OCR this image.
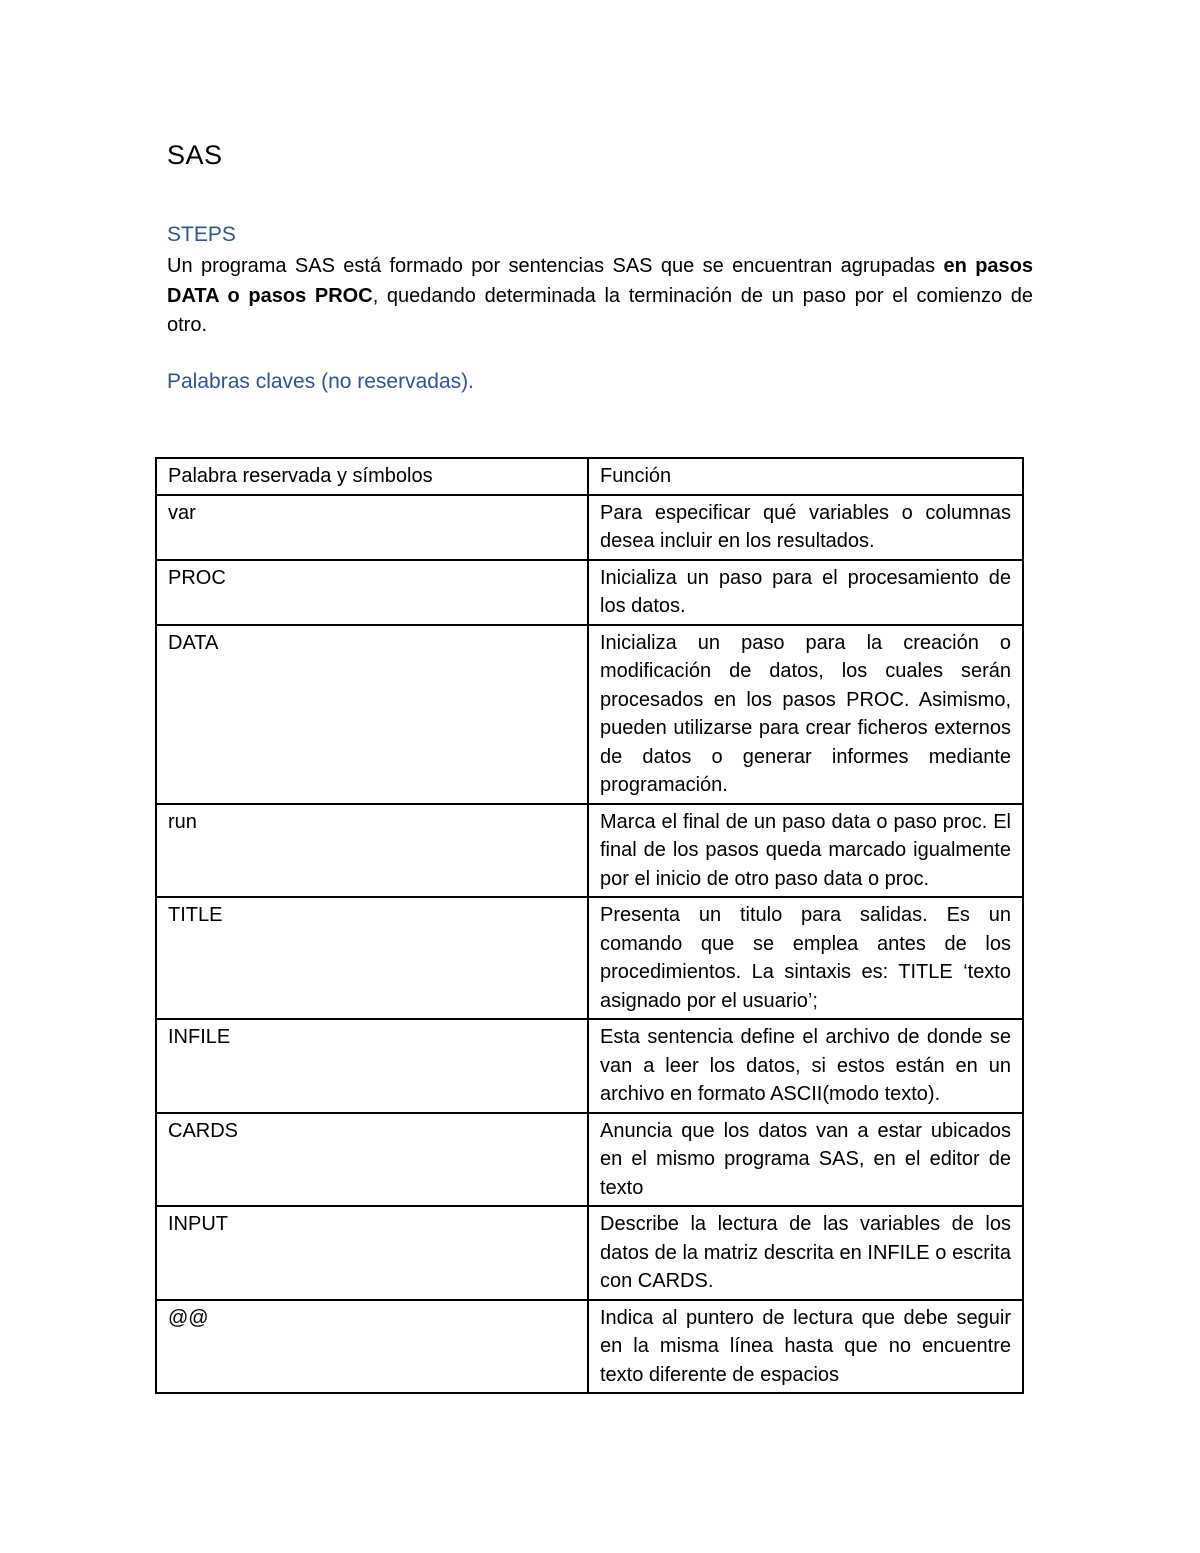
SAS
STEPS
Un programa SAS está formado por sentencias SAS que se encuentran agrupadas en pasos DATA o pasos PROC, quedando determinada la terminación de un paso por el comienzo de otro.
Palabras claves (no reservadas).
Palabra reservada y símbolos	Función
var	Para especificar qué variables o columnas desea incluir en los resultados.
PROC	Inicializa un paso para el procesamiento de los datos.
DATA	Inicializa un paso para la creación o modificación de datos, los cuales serán procesados en los pasos PROC. Asimismo, pueden utilizarse para crear ficheros externos de datos o generar informes mediante programación.
run	Marca el final de un paso data o paso proc. El final de los pasos queda marcado igualmente por el inicio de otro paso data o proc.
TITLE	Presenta un titulo para salidas. Es un comando que se emplea antes de los procedimientos. La sintaxis es: TITLE ‘texto asignado por el usuario’;
INFILE	Esta sentencia define el archivo de donde se van a leer los datos, si estos están en un archivo en formato ASCII(modo texto).
CARDS	Anuncia que los datos van a estar ubicados en el mismo programa SAS, en el editor de texto
INPUT	Describe la lectura de las variables de los datos de la matriz descrita en INFILE o escrita con CARDS.
@@	Indica al puntero de lectura que debe seguir en la misma línea hasta que no encuentre texto diferente de espacios
